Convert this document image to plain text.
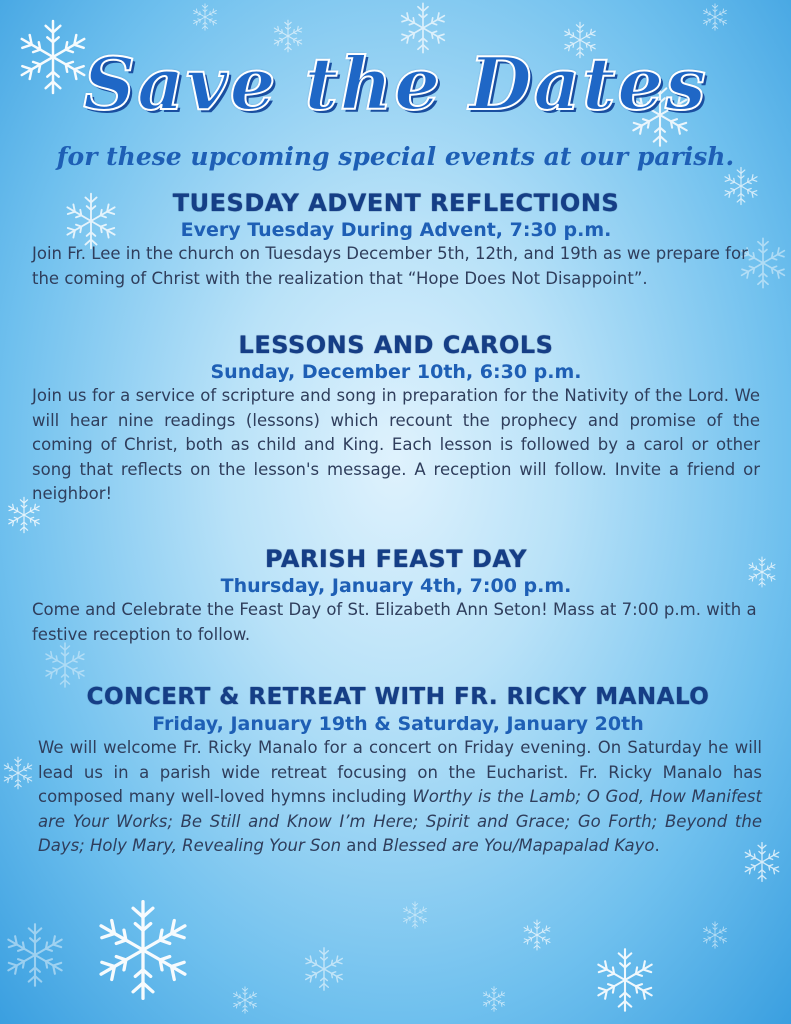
Save the Dates
for these upcoming special events at our parish.
TUESDAY ADVENT REFLECTIONS
Every Tuesday During Advent, 7:30 p.m.

Join Fr. Lee in the church on Tuesdays December 5th, 12th, and 19th as we prepare for the coming of Christ with the realization that “Hope Does Not Disappoint”.

LESSONS AND CAROLS
Sunday, December 10th, 6:30 p.m.

Join us for a service of scripture and song in preparation for the Nativity of the Lord. We will hear nine readings (lessons) which recount the prophecy and promise of the coming of Christ, both as child and King. Each lesson is followed by a carol or other song that reflects on the lesson's message. A reception will follow. Invite a friend or neighbor!

PARISH FEAST DAY
Thursday, January 4th, 7:00 p.m.

Come and Celebrate the Feast Day of St. Elizabeth Ann Seton! Mass at 7:00 p.m. with a festive reception to follow.

CONCERT & RETREAT WITH FR. RICKY MANALO
Friday, January 19th & Saturday, January 20th

We will welcome Fr. Ricky Manalo for a concert on Friday evening. On Saturday he will lead us in a parish wide retreat focusing on the Eucharist. Fr. Ricky Manalo has composed many well-loved hymns including Worthy is the Lamb; O God, How Manifest are Your Works; Be Still and Know I’m Here; Spirit and Grace; Go Forth; Beyond the Days; Holy Mary, Revealing Your Son and Blessed are You/Mapapalad Kayo.
